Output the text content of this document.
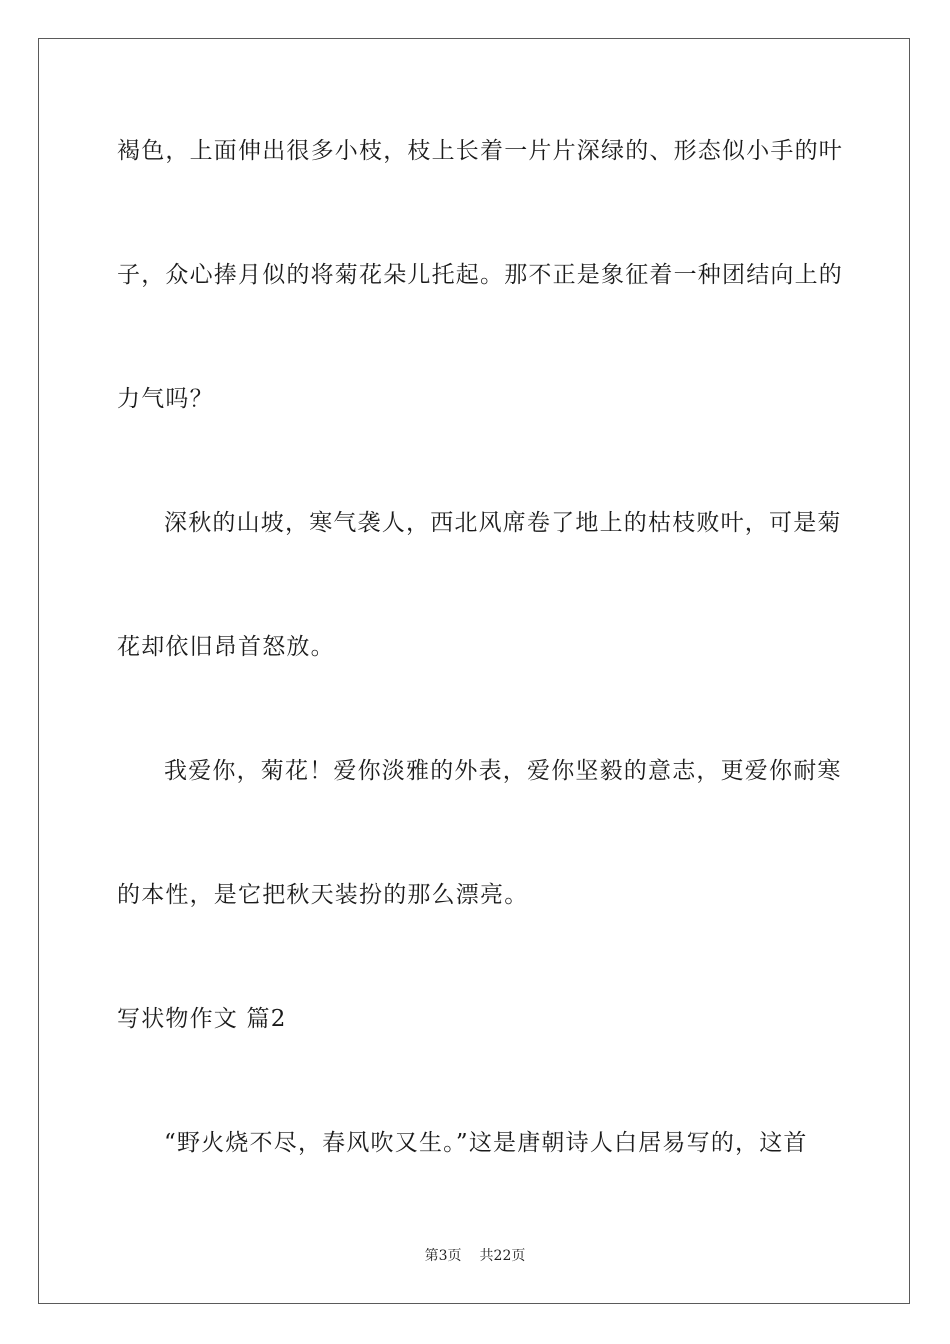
褐色，上面伸出很多小枝，枝上长着一片片深绿的、形态似小手的叶
子，众心捧月似的将菊花朵儿托起。那不正是象征着一种团结向上的
力气吗？
深秋的山坡，寒气袭人，西北风席卷了地上的枯枝败叶，可是菊
花却依旧昂首怒放。
我爱你，菊花！爱你淡雅的外表，爱你坚毅的意志，更爱你耐寒
的本性，是它把秋天装扮的那么漂亮。
写状物作文 篇2
“野火烧不尽，春风吹又生。”这是唐朝诗人白居易写的，这首
第3页 共22页
